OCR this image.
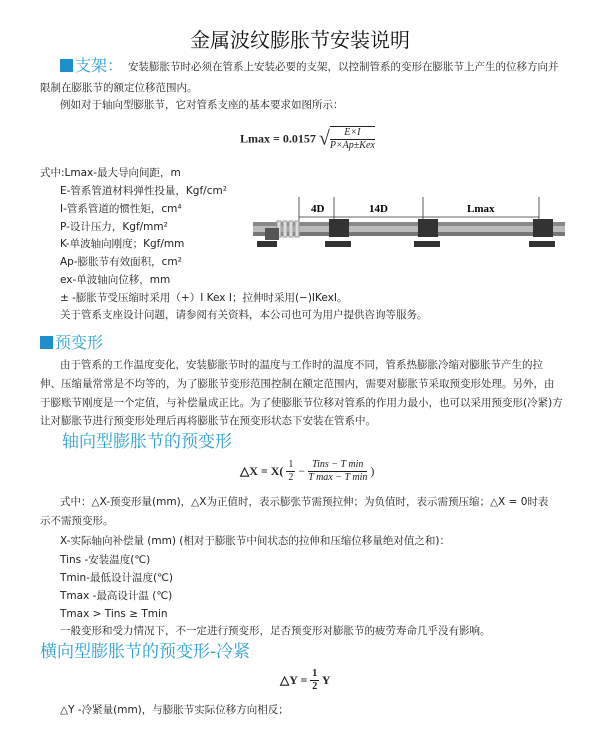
金属波纹膨胀节安装说明
支架： 安装膨胀节时必须在管系上安装必要的支架，以控制管系的变形在膨胀节上产生的位移方向并
限制在膨胀节的额定位移范围内。
例如对于轴向型膨胀节，它对管系支座的基本要求如图所示：
Lmax = 0.0157 √ $\frac{E\times I}{\text{P×Ap±Kex}}$
式中:Lmax-最大导向间距，m
E-管系管道材料弹性投量，Kgf/cm²
I-管系管道的惯性矩，cm⁴
P-设计压力，Kgf/mm²
K-单波轴向刚度；Kgf/mm
Ap-膨胀节有效面积，cm²
ex-单波轴向位移，mm
± -膨胀节受压缩时采用（+）I Kex I；拉伸时采用(−)IKexI。
关于管系支座设计问题，请参阅有关资料，本公司也可为用户提供咨询等服务。
4D	14D	Lmax
预变形
由于管系的工作温度变化，安装膨胀节时的温度与工作时的温度不同，管系热膨胀冷缩对膨胀节产生的拉
伸、压缩量常常是不均等的，为了膨胀节变形范围控制在额定范围内，需要对膨胀节采取预变形处理。另外，由
于膨账节刚度是一个定值，与补偿量成正比。为了使膨胀节位移对管系的作用力最小，也可以采用预变形(冷紧)方
让对膨胀节进行预变形处理后再将膨胀节在预变形状态下安装在管系中。
轴向型膨胀节的预变形
△X = $X( \frac{1}{2} - \frac{\text{Tins − T min}}{\text{T max − T min}}$ )
式中：△X-预变形量(mm)，△X为正值时，表示膨张节需预拉伸；为负值时，表示需预压缩；△X = 0时表
示不需预变形。
X-实际轴向补偿量 (mm) (相对于膨胀节中间状态的拉伸和压缩位移量绝对值之和)：
Tins -安装温度(℃)
Tmin-最低设计温度(℃)
Tmax -最高设计温 (℃)
Tmax > Tins ≥ Tmin
一般变形和受力情况下，不一定进行预变形，足否预变形对膨胀节的疲劳寿命几乎没有影响。
横向型膨胀节的预变形-冷紧
△Y = $\frac{1}{2}$ Y
△Y -冷紧量(mm)，与膨胀节实际位移方向相反；
